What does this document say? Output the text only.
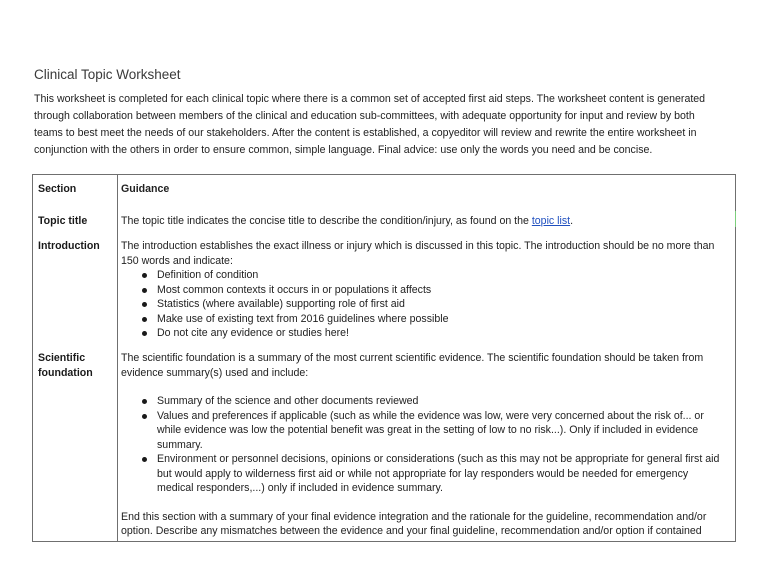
Clinical Topic Worksheet
This worksheet is completed for each clinical topic where there is a common set of accepted first aid steps. The worksheet content is generated
through collaboration between members of the clinical and education sub-committees, with adequate opportunity for input and review by both
teams to best meet the needs of our stakeholders. After the content is established, a copyeditor will review and rewrite the entire worksheet in
conjunction with the others in order to ensure common, simple language. Final advice: use only the words you need and be concise.
Section	Guidance
Topic title	The topic title indicates the concise title to describe the condition/injury, as found on the topic list.
Introduction The introduction establishes the exact illness or injury which is discussed in this topic. The introduction should be no more than
150 words and indicate:
Definition of condition
Most common contexts it occurs in or populations it affects
Statistics (where available) supporting role of first aid
Make use of existing text from 2016 guidelines where possible
Do not cite any evidence or studies here!
Scientific
foundation
The scientific foundation is a summary of the most current scientific evidence. The scientific foundation should be taken from
evidence summary(s) used and include:
Summary of the science and other documents reviewed
Values and preferences if applicable (such as while the evidence was low, were very concerned about the risk of... or
while evidence was low the potential benefit was great in the setting of low to no risk...). Only if included in evidence
summary.
Environment or personnel decisions, opinions or considerations (such as this may not be appropriate for general first aid
but would apply to wilderness first aid or while not appropriate for lay responders would be needed for emergency
medical responders,...) only if included in evidence summary.
End this section with a summary of your final evidence integration and the rationale for the guideline, recommendation and/or
option. Describe any mismatches between the evidence and your final guideline, recommendation and/or option if contained
